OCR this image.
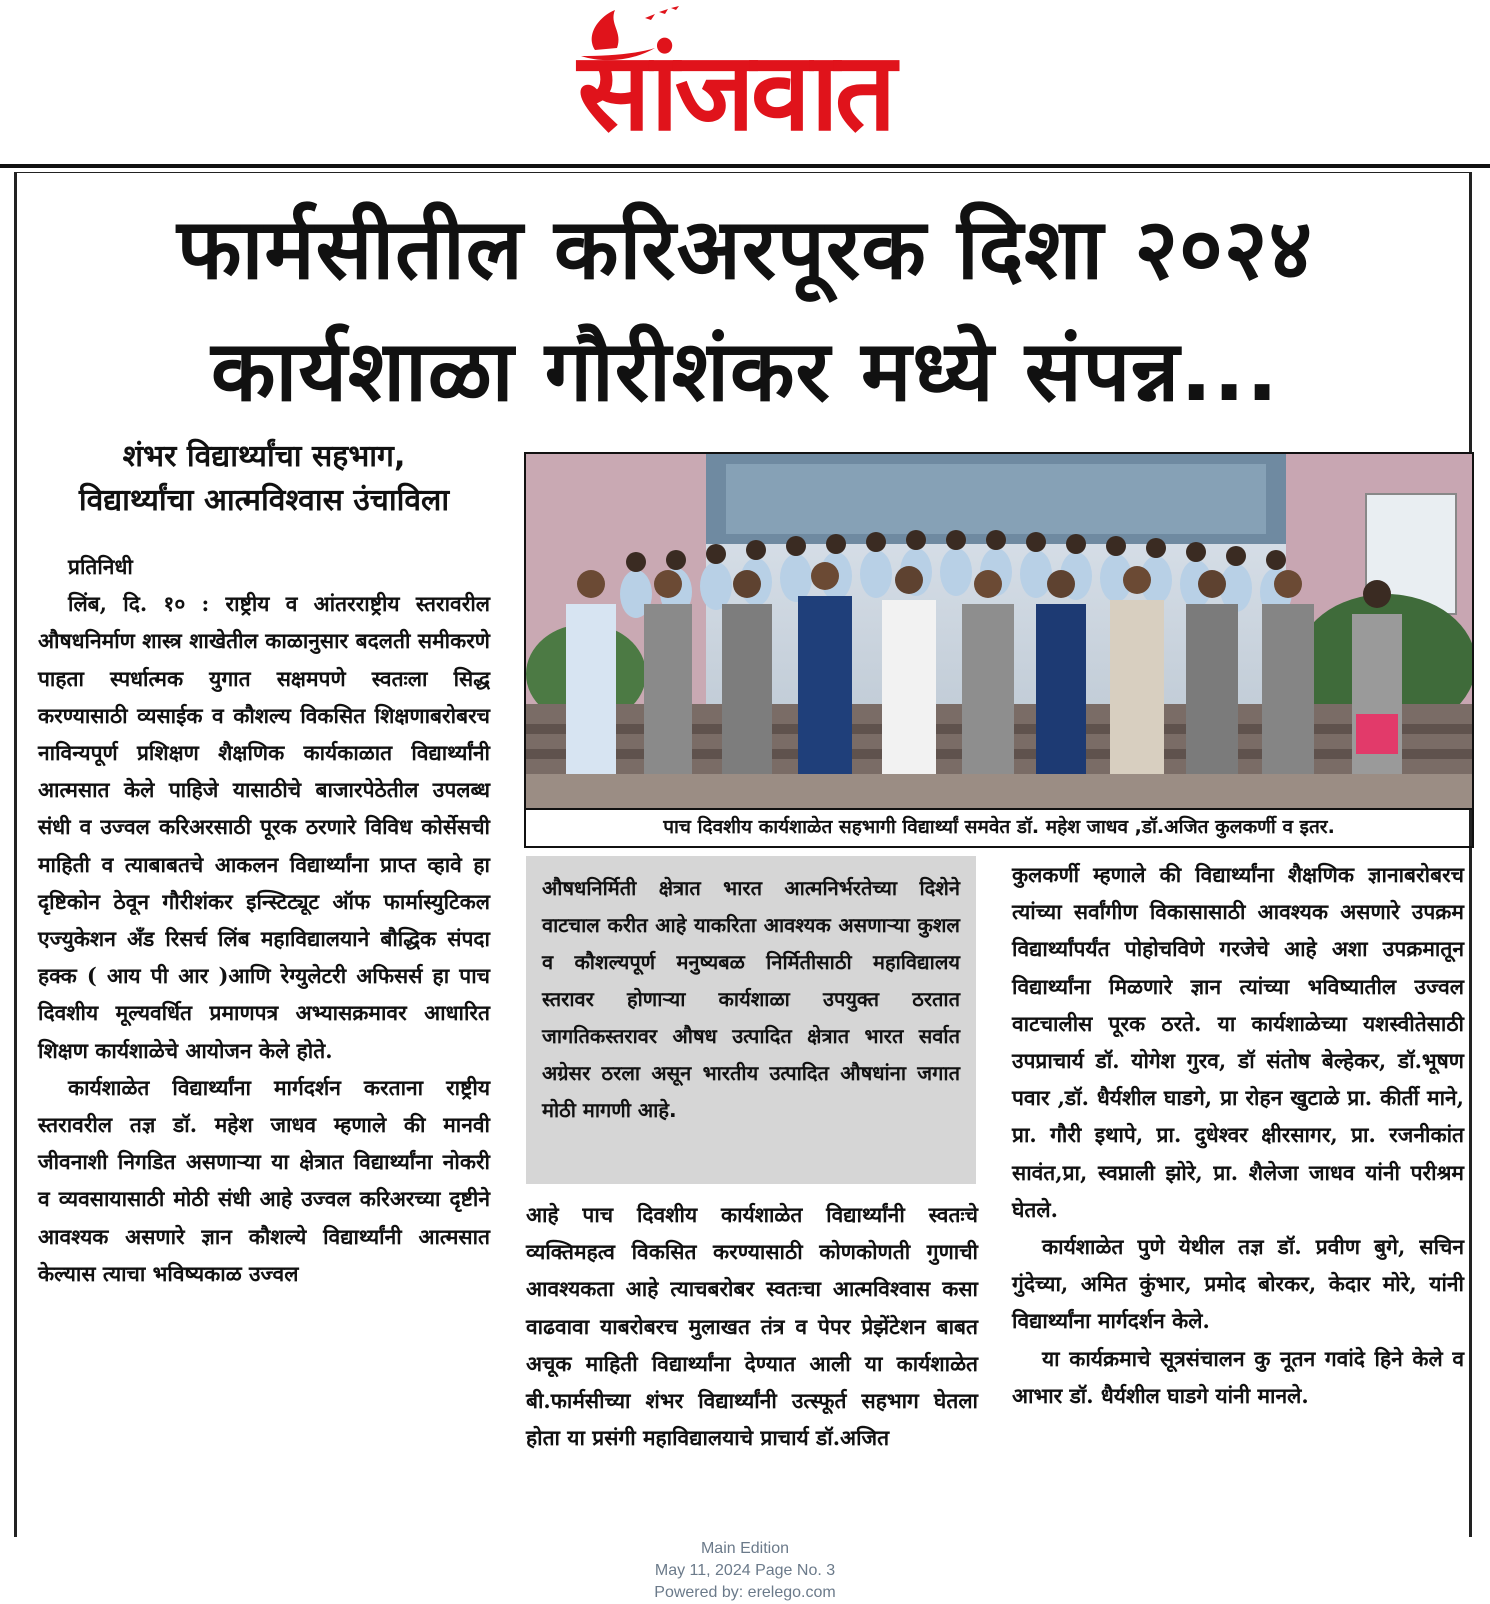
सांजवात
फार्मसीतील करिअरपूरक दिशा २०२४
कार्यशाळा गौरीशंकर मध्ये संपन्न...
शंभर विद्यार्थ्यांचा सहभाग,
विद्यार्थ्यांचा आत्मविश्वास उंचाविला

प्रतिनिधी

लिंब, दि. १० : राष्ट्रीय व आंतरराष्ट्रीय स्तरावरील औषधनिर्माण शास्त्र शाखेतील काळानुसार बदलती समीकरणे पाहता स्पर्धात्मक युगात सक्षमपणे स्वतःला सिद्ध करण्यासाठी व्यसाईक व कौशल्य विकसित शिक्षणाबरोबरच नाविन्यपूर्ण प्रशिक्षण शैक्षणिक कार्यकाळात विद्यार्थ्यांनी आत्मसात केले पाहिजे यासाठीचे बाजारपेठेतील उपलब्ध संधी व उज्वल करिअरसाठी पूरक ठरणारे विविध कोर्सेसची माहिती व त्याबाबतचे आकलन विद्यार्थ्यांना प्राप्त व्हावे हा दृष्टिकोन ठेवून गौरीशंकर इन्स्टिट्यूट ऑफ फार्मास्युटिकल एज्युकेशन अँड रिसर्च लिंब महाविद्यालयाने बौद्धिक संपदा हक्क ( आय पी आर )आणि रेग्युलेटरी अफिसर्स हा पाच दिवशीय मूल्यवर्धित प्रमाणपत्र अभ्यासक्रमावर आधारित शिक्षण कार्यशाळेचे आयोजन केले होते.

कार्यशाळेत विद्यार्थ्यांना मार्गदर्शन करताना राष्ट्रीय स्तरावरील तज्ञ डॉ. महेश जाधव म्हणाले की मानवी जीवनाशी निगडित असणाऱ्या या क्षेत्रात विद्यार्थ्यांना नोकरी व व्यवसायासाठी मोठी संधी आहे उज्वल करिअरच्या दृष्टीने आवश्यक असणारे ज्ञान कौशल्ये विद्यार्थ्यांनी आत्मसात केल्यास त्याचा भविष्यकाळ उज्वल

पाच दिवशीय कार्यशाळेत सहभागी विद्यार्थ्यां समवेत डॉ. महेश जाधव ,डॉ.अजित कुलकर्णी व इतर.
औषधनिर्मिती क्षेत्रात भारत आत्मनिर्भरतेच्या दिशेने वाटचाल करीत आहे याकरिता आवश्यक असणाऱ्या कुशल व कौशल्यपूर्ण मनुष्यबळ निर्मितीसाठी महाविद्यालय स्तरावर होणाऱ्या कार्यशाळा उपयुक्त ठरतात जागतिकस्तरावर औषध उत्पादित क्षेत्रात भारत सर्वात अग्रेसर ठरला असून भारतीय उत्पादित औषधांना जगात मोठी मागणी आहे.

आहे पाच दिवशीय कार्यशाळेत विद्यार्थ्यांनी स्वतःचे व्यक्तिमहत्व विकसित करण्यासाठी कोणकोणती गुणाची आवश्यकता आहे त्याचबरोबर स्वतःचा आत्मविश्वास कसा वाढवावा याबरोबरच मुलाखत तंत्र व पेपर प्रेझेंटेशन बाबत अचूक माहिती विद्यार्थ्यांना देण्यात आली या कार्यशाळेत बी.फार्मसीच्या शंभर विद्यार्थ्यांनी उत्स्फूर्त सहभाग घेतला होता या प्रसंगी महाविद्यालयाचे प्राचार्य डॉ.अजित

कुलकर्णी म्हणाले की विद्यार्थ्यांना शैक्षणिक ज्ञानाबरोबरच त्यांच्या सर्वांगीण विकासासाठी आवश्यक असणारे उपक्रम विद्यार्थ्यांपर्यंत पोहोचविणे गरजेचे आहे अशा उपक्रमातून विद्यार्थ्यांना मिळणारे ज्ञान त्यांच्या भविष्यातील उज्वल वाटचालीस पूरक ठरते. या कार्यशाळेच्या यशस्वीतेसाठी उपप्राचार्य डॉ. योगेश गुरव, डॉ संतोष बेल्हेकर, डॉ.भूषण पवार ,डॉ. धैर्यशील घाडगे, प्रा रोहन खुटाळे प्रा. कीर्ती माने, प्रा. गौरी इथापे, प्रा. दुधेश्वर क्षीरसागर, प्रा. रजनीकांत सावंत,प्रा, स्वप्नाली झोरे, प्रा. शैलेजा जाधव यांनी परीश्रम घेतले.

कार्यशाळेत पुणे येथील तज्ञ डॉ. प्रवीण बुगे, सचिन गुंदेच्या, अमित कुंभार, प्रमोद बोरकर, केदार मोरे, यांनी विद्यार्थ्यांना मार्गदर्शन केले.

या कार्यक्रमाचे सूत्रसंचालन कु नूतन गवांदे हिने केले व आभार डॉ. धैर्यशील घाडगे यांनी मानले.

Main Edition
May 11, 2024 Page No. 3
Powered by: erelego.com
